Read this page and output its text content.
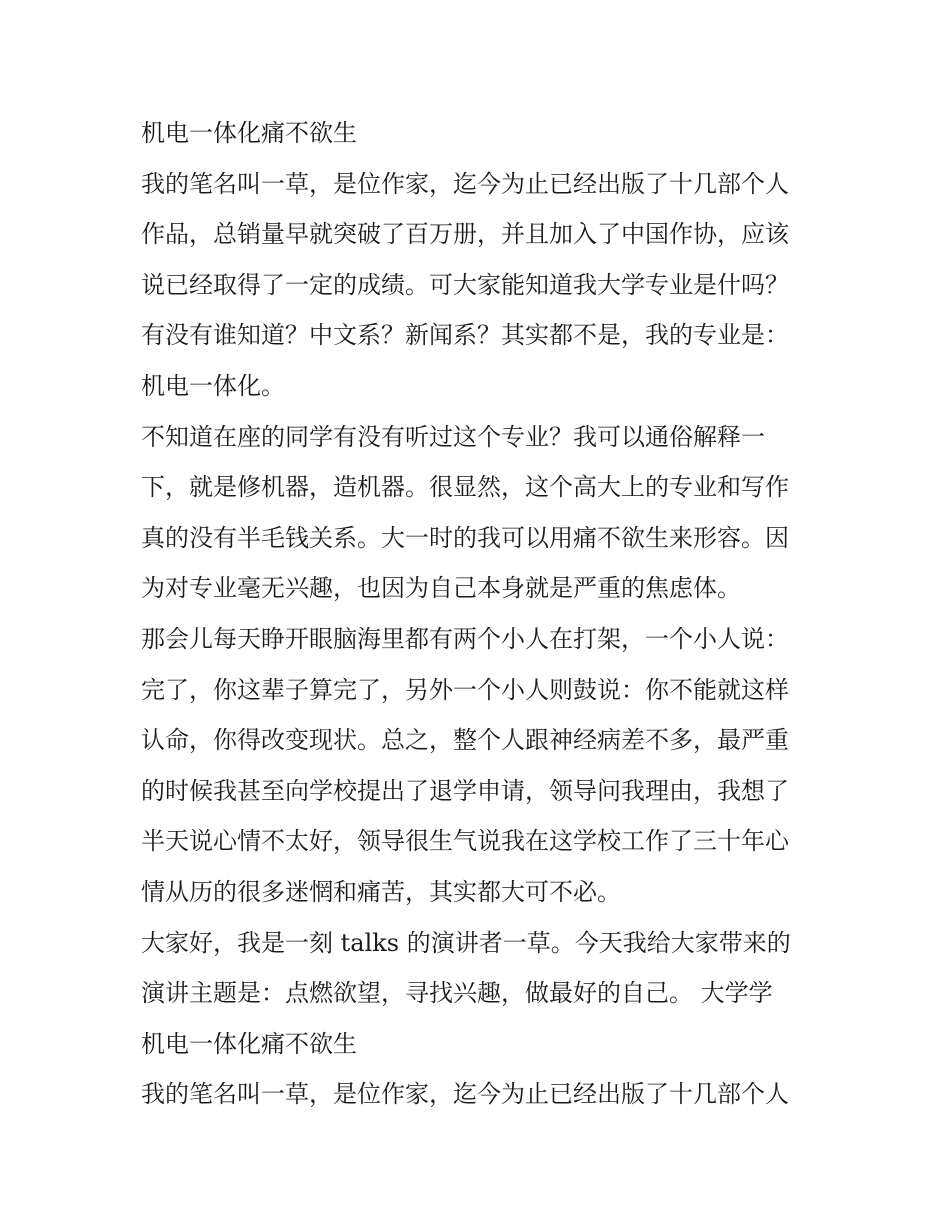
机电一体化痛不欲生
我的笔名叫一草，是位作家，迄今为止已经出版了十几部个人
作品，总销量早就突破了百万册，并且加入了中国作协，应该
说已经取得了一定的成绩。可大家能知道我大学专业是什吗？
有没有谁知道？中文系？新闻系？其实都不是，我的专业是：
机电一体化。
不知道在座的同学有没有听过这个专业？我可以通俗解释一
下，就是修机器，造机器。很显然，这个高大上的专业和写作
真的没有半毛钱关系。大一时的我可以用痛不欲生来形容。因
为对专业毫无兴趣，也因为自己本身就是严重的焦虑体。
那会儿每天睁开眼脑海里都有两个小人在打架，一个小人说：
完了，你这辈子算完了，另外一个小人则鼓说：你不能就这样
认命，你得改变现状。总之，整个人跟神经病差不多，最严重
的时候我甚至向学校提出了退学申请，领导问我理由，我想了
半天说心情不太好，领导很生气说我在这学校工作了三十年心
情从历的很多迷惘和痛苦，其实都大可不必。
大家好，我是一刻 talks 的演讲者一草。今天我给大家带来的
演讲主题是：点燃欲望，寻找兴趣，做最好的自己。 大学学
机电一体化痛不欲生
我的笔名叫一草，是位作家，迄今为止已经出版了十几部个人
